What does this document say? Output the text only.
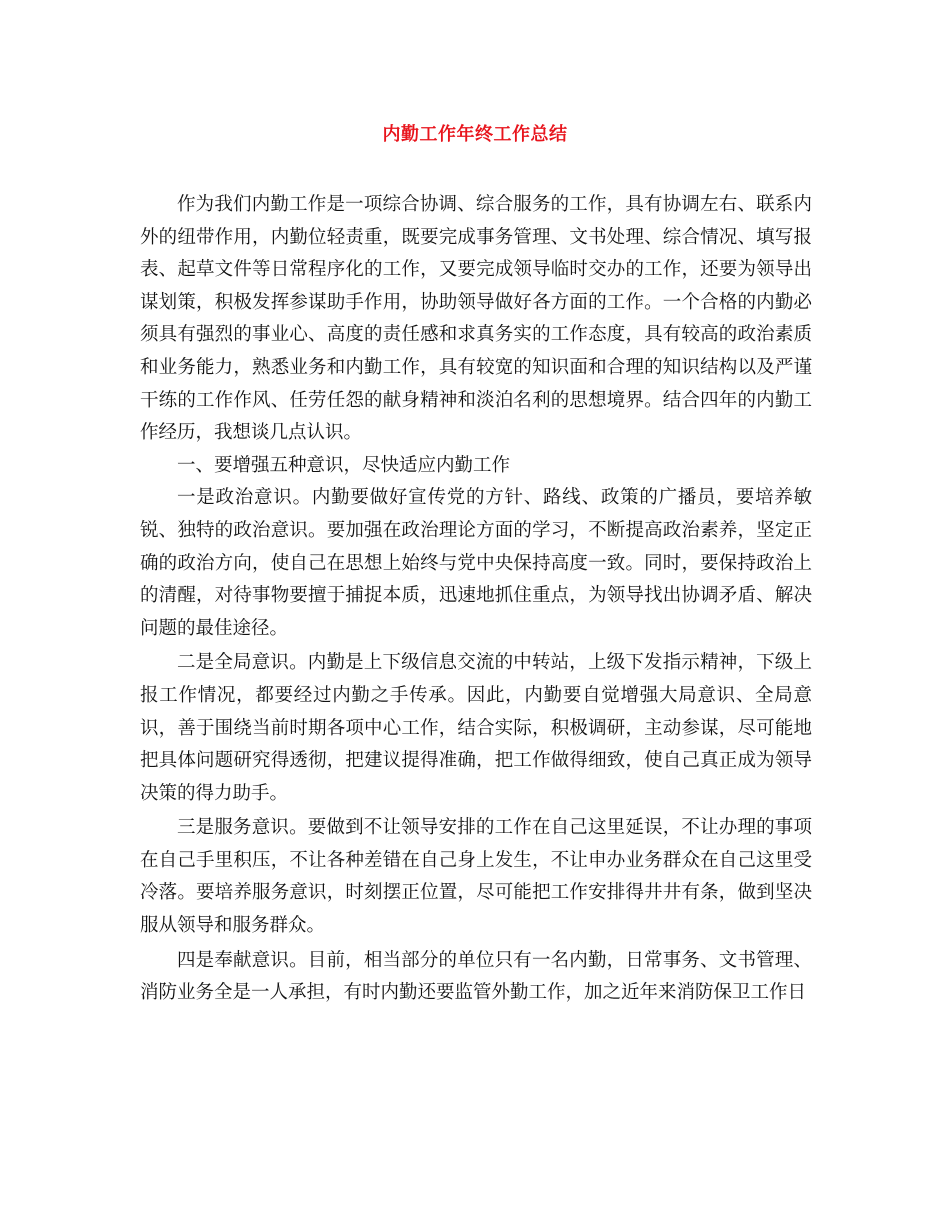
内勤工作年终工作总结

作为我们内勤工作是一项综合协调、综合服务的工作，具有协调左右、联系内外的纽带作用，内勤位轻责重，既要完成事务管理、文书处理、综合情况、填写报表、起草文件等日常程序化的工作，又要完成领导临时交办的工作，还要为领导出谋划策，积极发挥参谋助手作用，协助领导做好各方面的工作。一个合格的内勤必须具有强烈的事业心、高度的责任感和求真务实的工作态度，具有较高的政治素质和业务能力，熟悉业务和内勤工作，具有较宽的知识面和合理的知识结构以及严谨干练的工作作风、任劳任怨的献身精神和淡泊名利的思想境界。结合四年的内勤工作经历，我想谈几点认识。

一、要增强五种意识，尽快适应内勤工作

一是政治意识。内勤要做好宣传党的方针、路线、政策的广播员，要培养敏锐、独特的政治意识。要加强在政治理论方面的学习，不断提高政治素养，坚定正确的政治方向，使自己在思想上始终与党中央保持高度一致。同时，要保持政治上的清醒，对待事物要擅于捕捉本质，迅速地抓住重点，为领导找出协调矛盾、解决问题的最佳途径。

二是全局意识。内勤是上下级信息交流的中转站，上级下发指示精神，下级上报工作情况，都要经过内勤之手传承。因此，内勤要自觉增强大局意识、全局意识，善于围绕当前时期各项中心工作，结合实际，积极调研，主动参谋，尽可能地把具体问题研究得透彻，把建议提得准确，把工作做得细致，使自己真正成为领导决策的得力助手。

三是服务意识。要做到不让领导安排的工作在自己这里延误，不让办理的事项在自己手里积压，不让各种差错在自己身上发生，不让申办业务群众在自己这里受冷落。要培养服务意识，时刻摆正位置，尽可能把工作安排得井井有条，做到坚决服从领导和服务群众。

四是奉献意识。目前，相当部分的单位只有一名内勤，日常事务、文书管理、消防业务全是一人承担，有时内勤还要监管外勤工作，加之近年来消防保卫工作日
